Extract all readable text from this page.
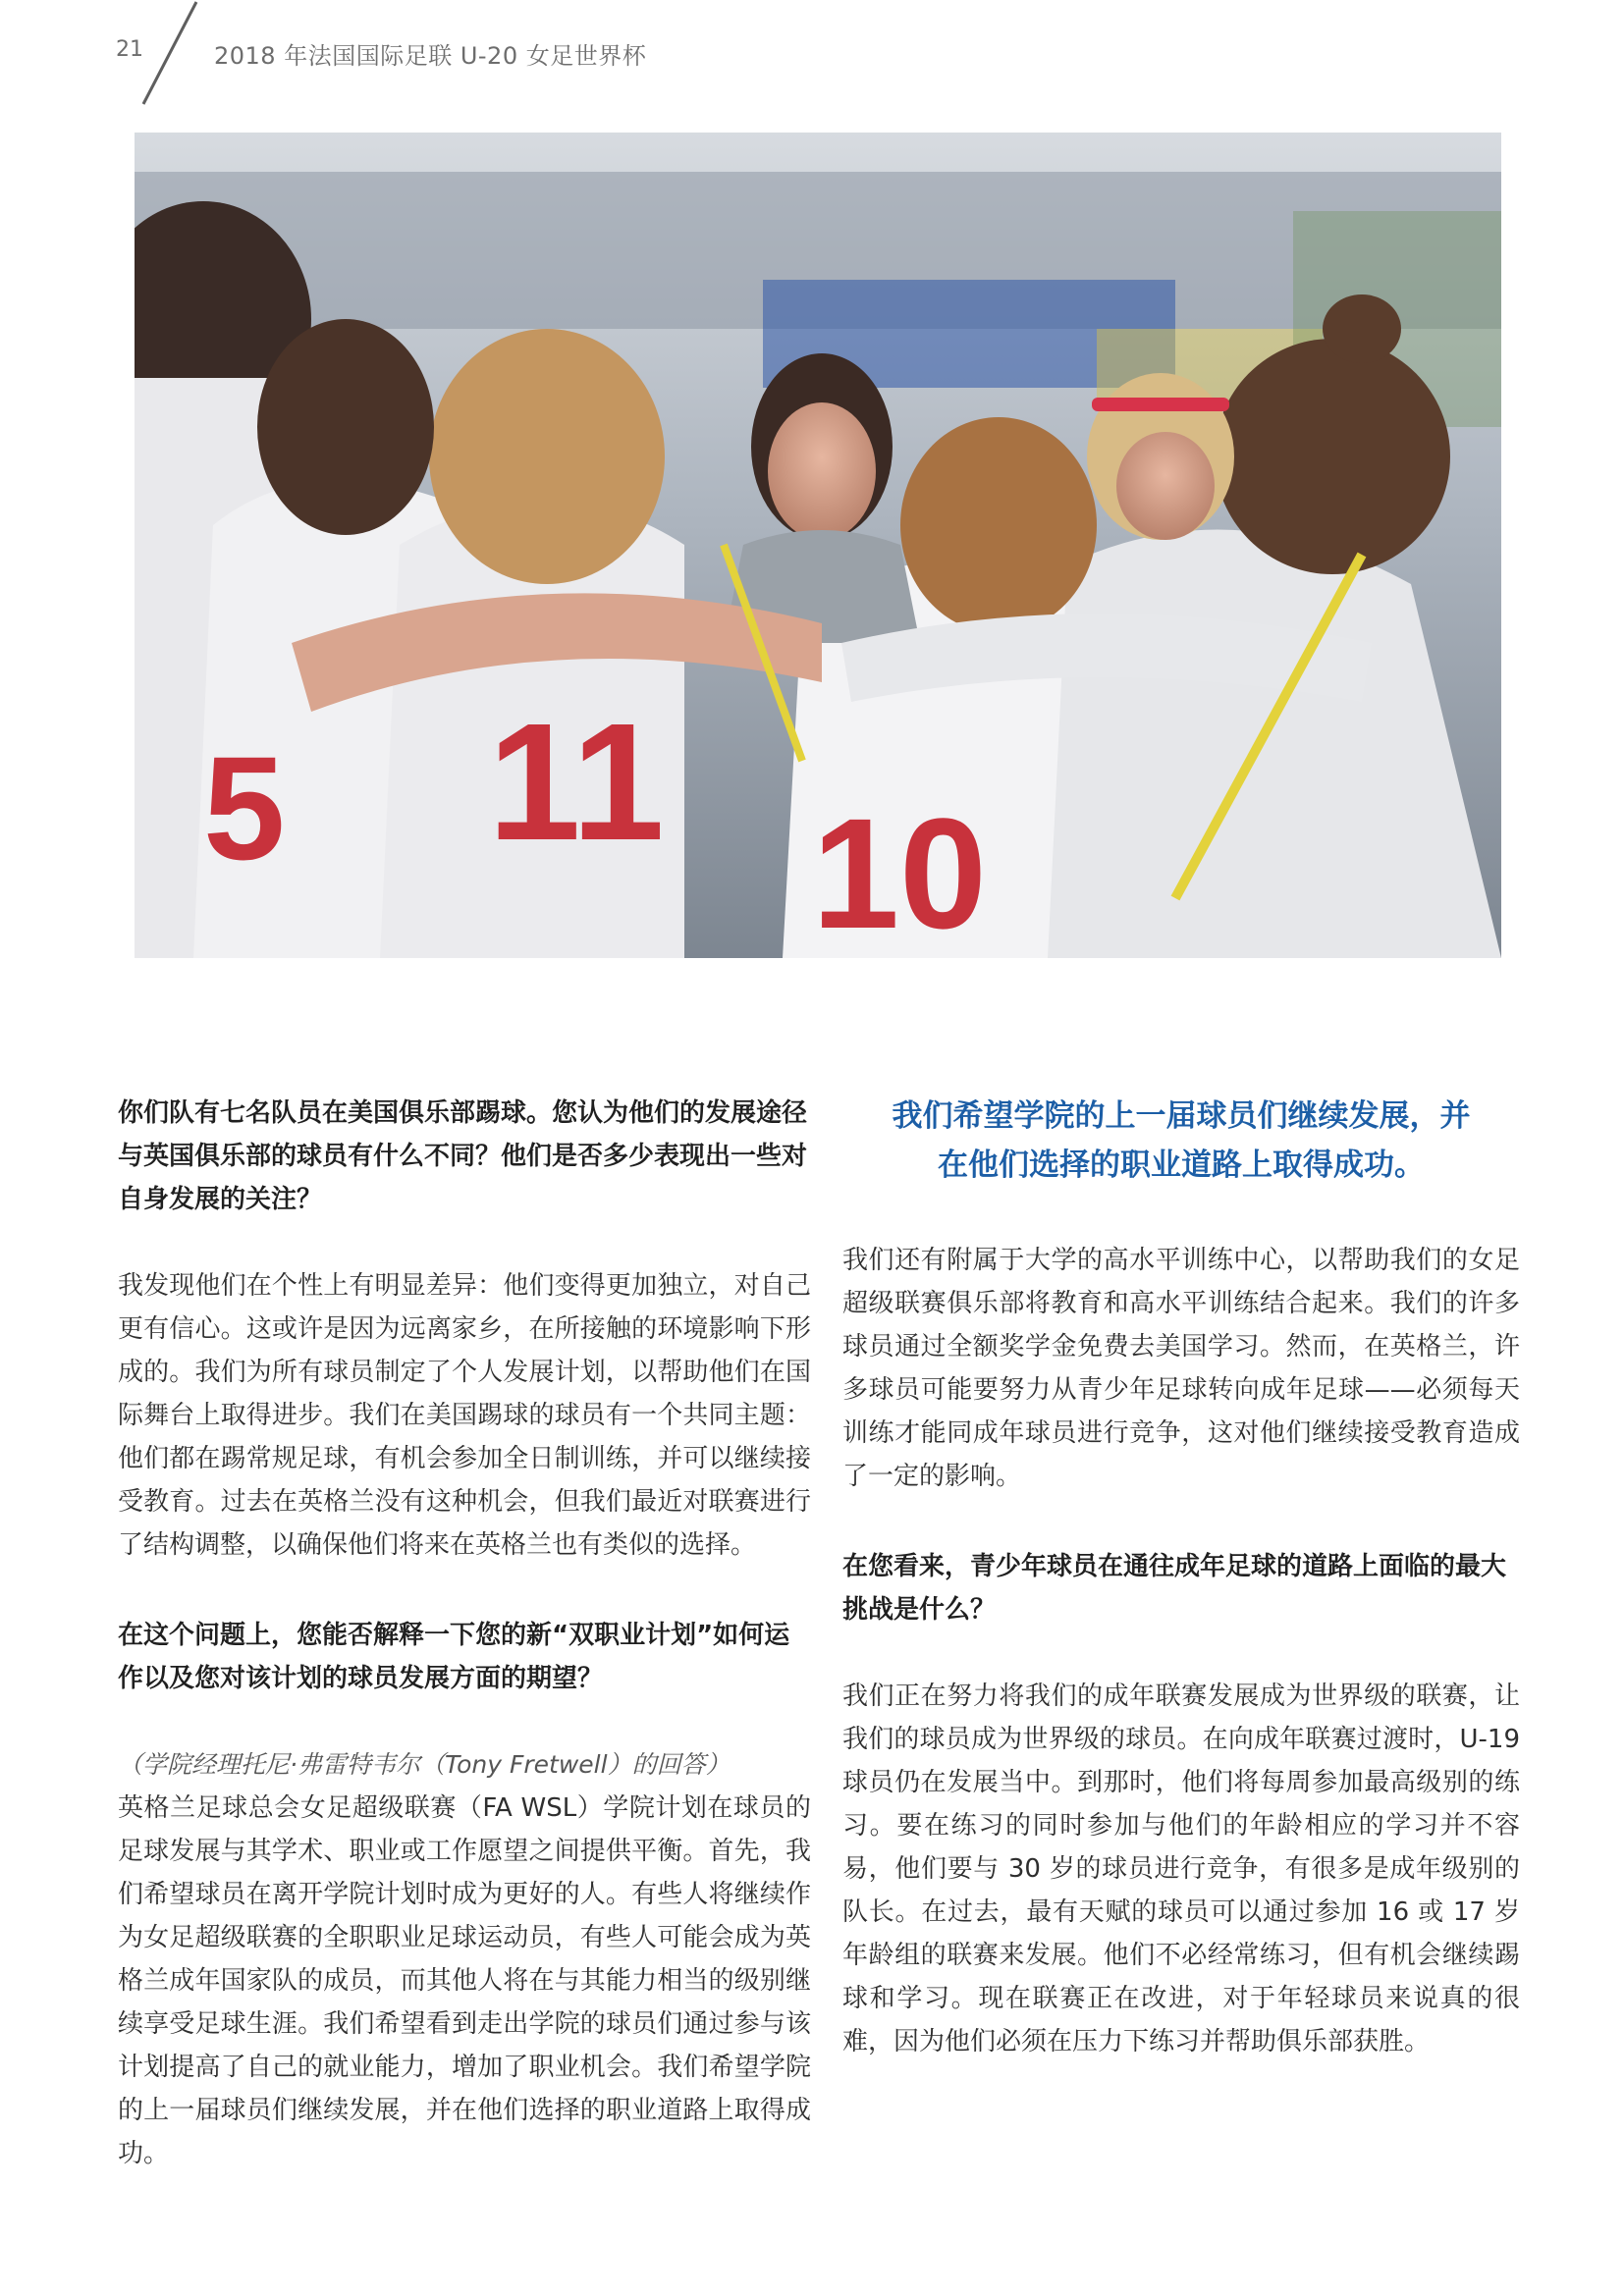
21	2018 年法国国际足联 U-20 女足世界杯
5 11 10

你们队有七名队员在美国俱乐部踢球。您认为他们的发展途径与英国俱乐部的球员有什么不同？他们是否多少表现出一些对自身发展的关注？

我发现他们在个性上有明显差异：他们变得更加独立，对自己更有信心。这或许是因为远离家乡，在所接触的环境影响下形成的。我们为所有球员制定了个人发展计划，以帮助他们在国际舞台上取得进步。我们在美国踢球的球员有一个共同主题：他们都在踢常规足球，有机会参加全日制训练，并可以继续接受教育。过去在英格兰没有这种机会，但我们最近对联赛进行了结构调整，以确保他们将来在英格兰也有类似的选择。

在这个问题上，您能否解释一下您的新“双职业计划”如何运作以及您对该计划的球员发展方面的期望？

（学院经理托尼·弗雷特韦尔（Tony Fretwell）的回答）

英格兰足球总会女足超级联赛（FA WSL）学院计划在球员的足球发展与其学术、职业或工作愿望之间提供平衡。首先，我们希望球员在离开学院计划时成为更好的人。有些人将继续作为女足超级联赛的全职职业足球运动员，有些人可能会成为英格兰成年国家队的成员，而其他人将在与其能力相当的级别继续享受足球生涯。我们希望看到走出学院的球员们通过参与该计划提高了自己的就业能力，增加了职业机会。我们希望学院的上一届球员们继续发展，并在他们选择的职业道路上取得成功。

我们希望学院的上一届球员们继续发展，并
在他们选择的职业道路上取得成功。

我们还有附属于大学的高水平训练中心，以帮助我们的女足超级联赛俱乐部将教育和高水平训练结合起来。我们的许多球员通过全额奖学金免费去美国学习。然而，在英格兰，许多球员可能要努力从青少年足球转向成年足球——必须每天训练才能同成年球员进行竞争，这对他们继续接受教育造成了一定的影响。

在您看来，青少年球员在通往成年足球的道路上面临的最大挑战是什么？

我们正在努力将我们的成年联赛发展成为世界级的联赛，让我们的球员成为世界级的球员。在向成年联赛过渡时，U-19 球员仍在发展当中。到那时，他们将每周参加最高级别的练习。要在练习的同时参加与他们的年龄相应的学习并不容易，他们要与 30 岁的球员进行竞争，有很多是成年级别的队长。在过去，最有天赋的球员可以通过参加 16 或 17 岁年龄组的联赛来发展。他们不必经常练习，但有机会继续踢球和学习。现在联赛正在改进，对于年轻球员来说真的很难，因为他们必须在压力下练习并帮助俱乐部获胜。
